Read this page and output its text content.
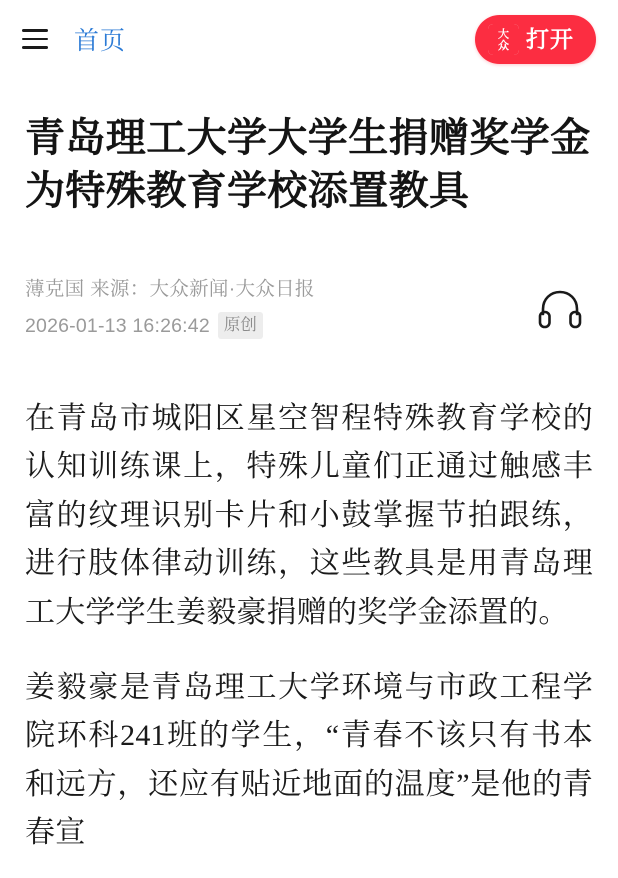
首页	大
众 打开
青岛理工大学大学生捐赠奖学金为特殊教育学校添置教具
薄克国 来源：大众新闻·大众日报
2026-01-13 16:26:42 原创

在青岛市城阳区星空智程特殊教育学校的认知训练课上，特殊儿童们正通过触感丰富的纹理识别卡片和小鼓掌握节拍跟练，进行肢体律动训练，这些教具是用青岛理工大学学生姜毅豪捐赠的奖学金添置的。

姜毅豪是青岛理工大学环境与市政工程学院环科241班的学生，“青春不该只有书本和远方，还应有贴近地面的温度”是他的青春宣
